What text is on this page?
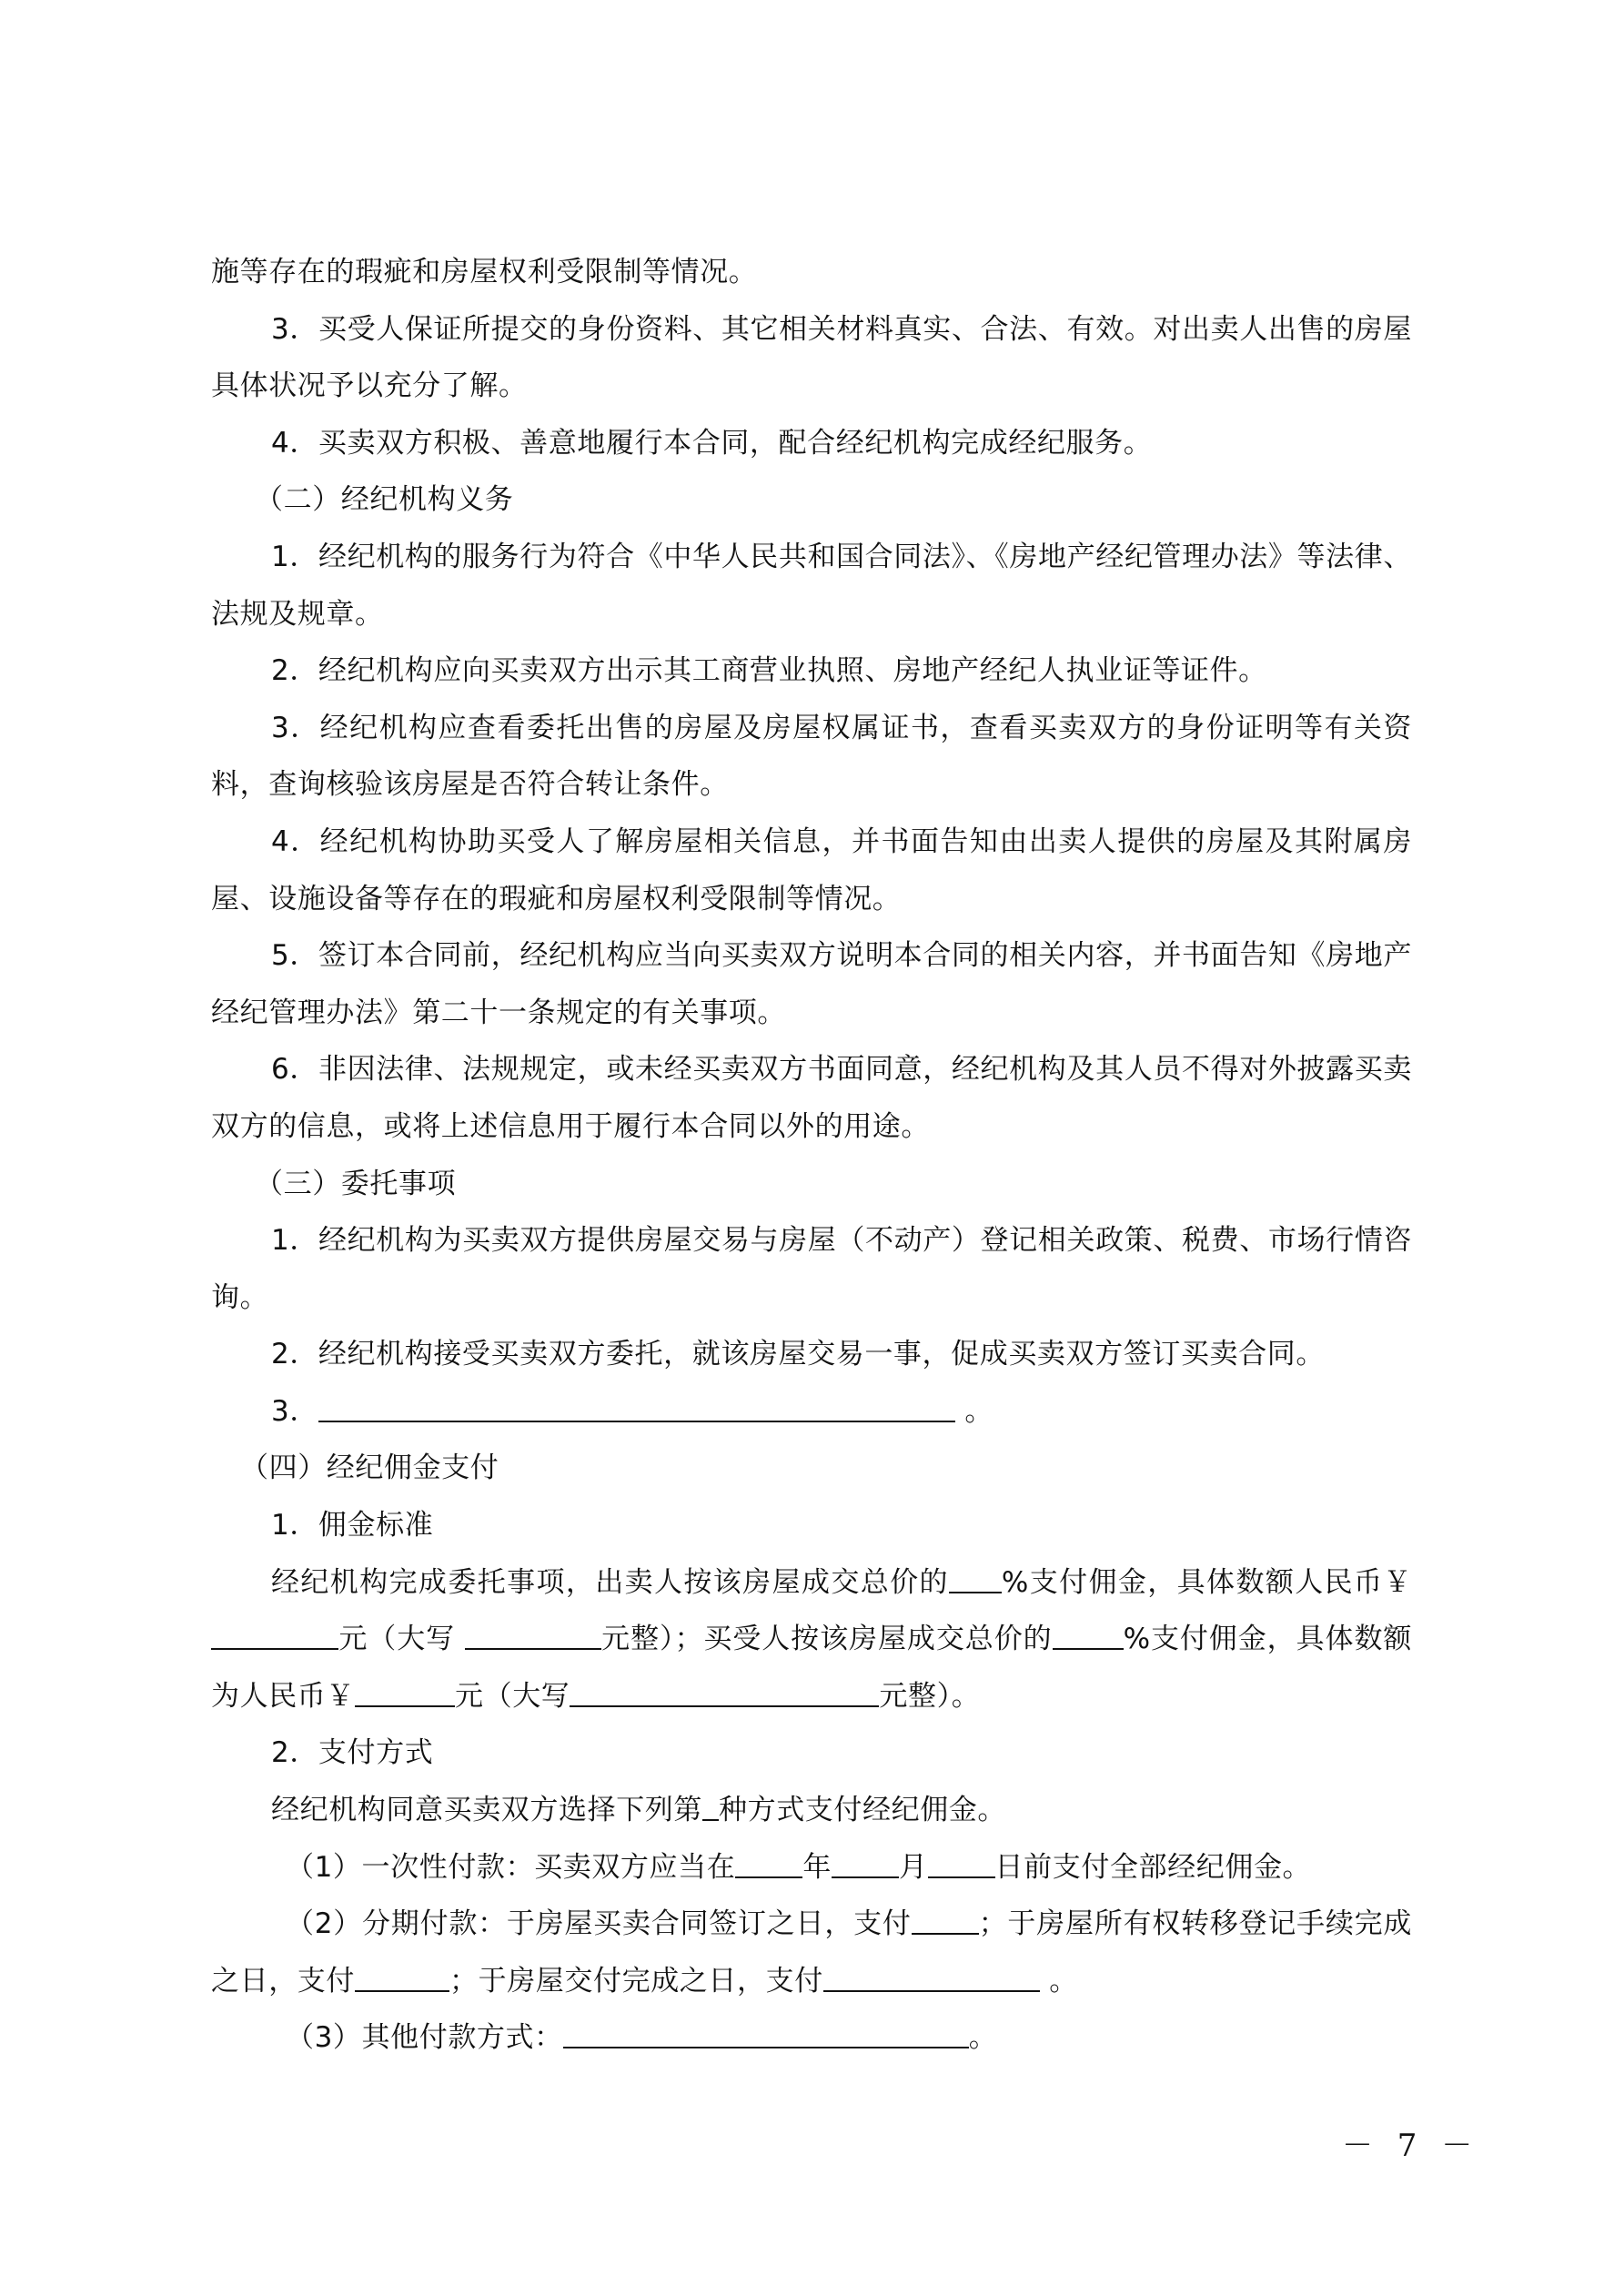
施等存在的瑕疵和房屋权利受限制等情况。

3．买受人保证所提交的身份资料、其它相关材料真实、合法、有效。对出卖人出售的房屋具体状况予以充分了解。

4．买卖双方积极、善意地履行本合同，配合经纪机构完成经纪服务。

（二）经纪机构义务

1．经纪机构的服务行为符合《中华人民共和国合同法》、《房地产经纪管理办法》等法律、法规及规章。

2．经纪机构应向买卖双方出示其工商营业执照、房地产经纪人执业证等证件。

3．经纪机构应查看委托出售的房屋及房屋权属证书，查看买卖双方的身份证明等有关资料，查询核验该房屋是否符合转让条件。

4．经纪机构协助买受人了解房屋相关信息，并书面告知由出卖人提供的房屋及其附属房屋、设施设备等存在的瑕疵和房屋权利受限制等情况。

5．签订本合同前，经纪机构应当向买卖双方说明本合同的相关内容，并书面告知《房地产经纪管理办法》第二十一条规定的有关事项。

6．非因法律、法规规定，或未经买卖双方书面同意，经纪机构及其人员不得对外披露买卖双方的信息，或将上述信息用于履行本合同以外的用途。

（三）委托事项

1．经纪机构为买卖双方提供房屋交易与房屋（不动产）登记相关政策、税费、市场行情咨询。

2．经纪机构接受买卖双方委托，就该房屋交易一事，促成买卖双方签订买卖合同。

3．	。

（四）经纪佣金支付

1．佣金标准

经纪机构完成委托事项，出卖人按该房屋成交总价的 %支付佣金，具体数额人民币￥元（大写	元整）；买受人按该房屋成交总价的	%支付佣金，具体数额为人民币￥	元（大写	元整）。

2．支付方式

经纪机构同意买卖双方选择下列第 种方式支付经纪佣金。

（1）一次性付款：买卖双方应当在 年 月 日前支付全部经纪佣金。

（2）分期付款：于房屋买卖合同签订之日，支付 ；于房屋所有权转移登记手续完成之日，支付	；于房屋交付完成之日，支付	。

（3）其他付款方式：	。

－ 7 －
